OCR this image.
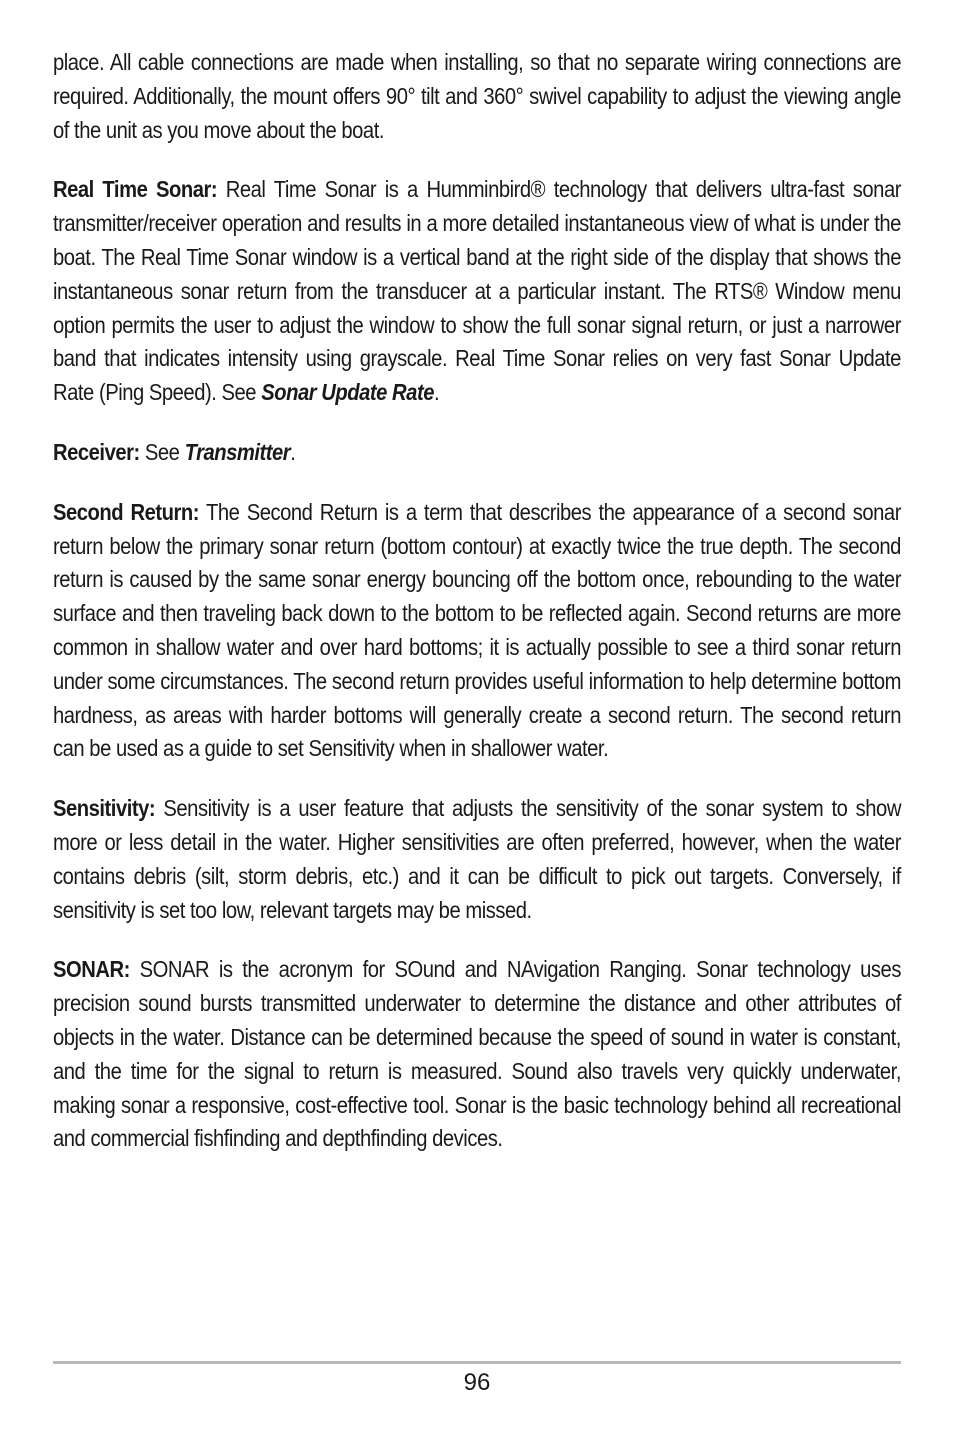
place. All cable connections are made when installing, so that no separate wiring connections are required. Additionally, the mount offers 90° tilt and 360° swivel capability to adjust the viewing angle of the unit as you move about the boat.

Real Time Sonar: Real Time Sonar is a Humminbird® technology that delivers ultra-fast sonar transmitter/receiver operation and results in a more detailed instantaneous view of what is under the boat. The Real Time Sonar window is a vertical band at the right side of the display that shows the instantaneous sonar return from the transducer at a particular instant. The RTS® Window menu option permits the user to adjust the window to show the full sonar signal return, or just a narrower band that indicates intensity using grayscale. Real Time Sonar relies on very fast Sonar Update Rate (Ping Speed). See Sonar Update Rate.

Receiver: See Transmitter.

Second Return: The Second Return is a term that describes the appearance of a second sonar return below the primary sonar return (bottom contour) at exactly twice the true depth. The second return is caused by the same sonar energy bouncing off the bottom once, rebounding to the water surface and then traveling back down to the bottom to be reflected again. Second returns are more common in shallow water and over hard bottoms; it is actually possible to see a third sonar return under some circumstances. The second return provides useful information to help determine bottom hardness, as areas with harder bottoms will generally create a second return. The second return can be used as a guide to set Sensitivity when in shallower water.

Sensitivity: Sensitivity is a user feature that adjusts the sensitivity of the sonar system to show more or less detail in the water. Higher sensitivities are often preferred, however, when the water contains debris (silt, storm debris, etc.) and it can be difficult to pick out targets. Conversely, if sensitivity is set too low, relevant targets may be missed.

SONAR: SONAR is the acronym for SOund and NAvigation Ranging. Sonar technology uses precision sound bursts transmitted underwater to determine the distance and other attributes of objects in the water. Distance can be determined because the speed of sound in water is constant, and the time for the signal to return is measured. Sound also travels very quickly underwater, making sonar a responsive, cost-effective tool. Sonar is the basic technology behind all recreational and commercial fishfinding and depthfinding devices.

96
